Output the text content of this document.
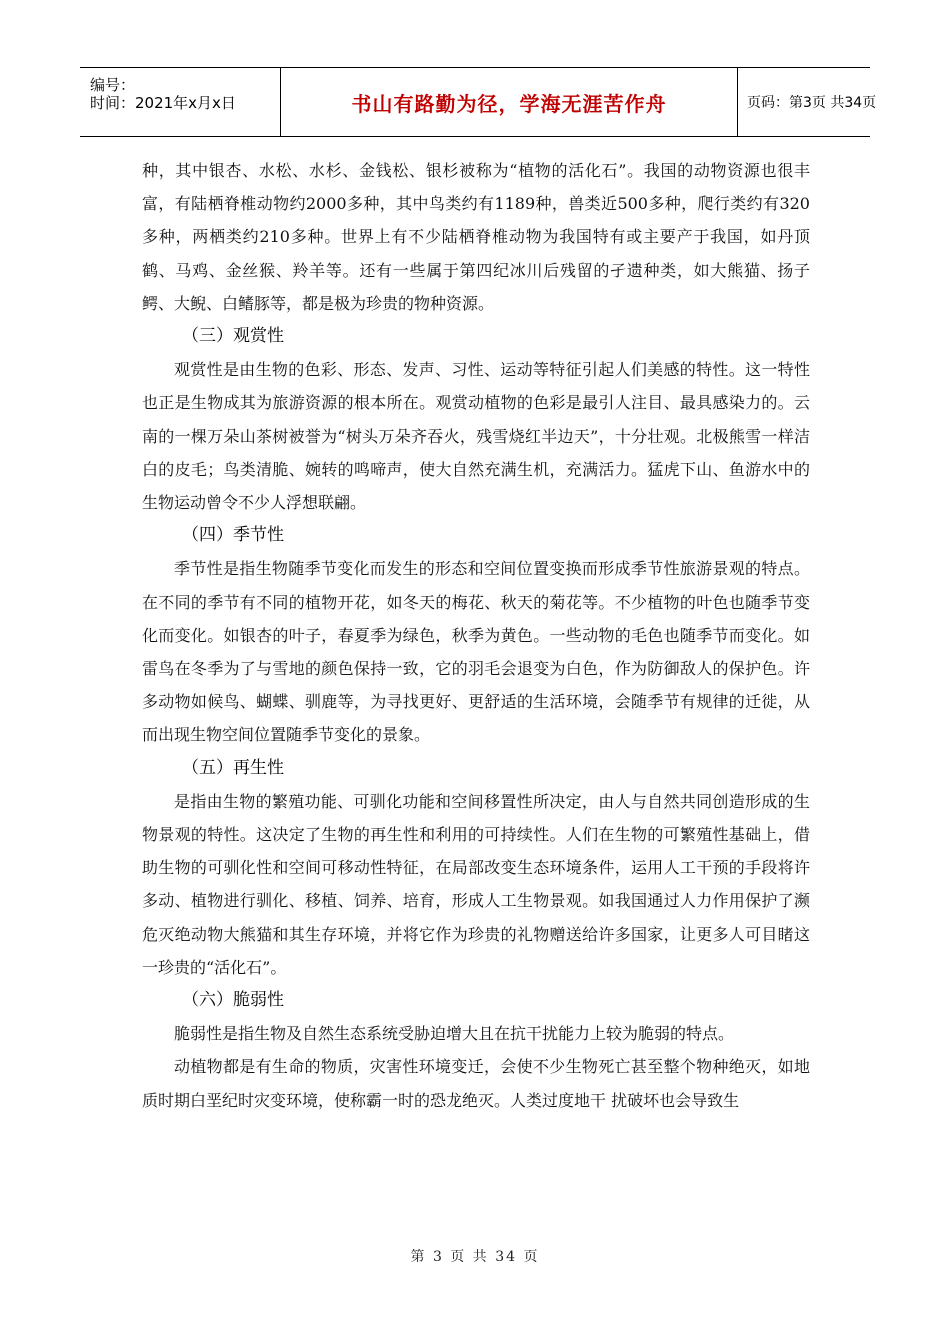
编号：
时间：2021年x月x日	书山有路勤为径，学海无涯苦作舟	页码：第3页 共34页

种，其中银杏、水松、水杉、金钱松、银杉被称为“植物的活化石”。我国的动物资源也很丰富，有陆栖脊椎动物约2000多种，其中鸟类约有1189种，兽类近500多种，爬行类约有320多种，两栖类约210多种。世界上有不少陆栖脊椎动物为我国特有或主要产于我国，如丹顶鹤、马鸡、金丝猴、羚羊等。还有一些属于第四纪冰川后残留的孑遗种类，如大熊猫、扬子鳄、大鲵、白鳍豚等，都是极为珍贵的物种资源。

（三）观赏性

观赏性是由生物的色彩、形态、发声、习性、运动等特征引起人们美感的特性。这一特性也正是生物成其为旅游资源的根本所在。观赏动植物的色彩是最引人注目、最具感染力的。云南的一棵万朵山茶树被誉为“树头万朵齐吞火，残雪烧红半边天”，十分壮观。北极熊雪一样洁白的皮毛；鸟类清脆、婉转的鸣啼声，使大自然充满生机，充满活力。猛虎下山、鱼游水中的生物运动曾令不少人浮想联翩。

（四）季节性

季节性是指生物随季节变化而发生的形态和空间位置变换而形成季节性旅游景观的特点。在不同的季节有不同的植物开花，如冬天的梅花、秋天的菊花等。不少植物的叶色也随季节变化而变化。如银杏的叶子，春夏季为绿色，秋季为黄色。一些动物的毛色也随季节而变化。如雷鸟在冬季为了与雪地的颜色保持一致，它的羽毛会退变为白色，作为防御敌人的保护色。许多动物如候鸟、蝴蝶、驯鹿等，为寻找更好、更舒适的生活环境，会随季节有规律的迁徙，从而出现生物空间位置随季节变化的景象。

（五）再生性

是指由生物的繁殖功能、可驯化功能和空间移置性所决定，由人与自然共同创造形成的生物景观的特性。这决定了生物的再生性和利用的可持续性。人们在生物的可繁殖性基础上，借助生物的可驯化性和空间可移动性特征，在局部改变生态环境条件，运用人工干预的手段将许多动、植物进行驯化、移植、饲养、培育，形成人工生物景观。如我国通过人力作用保护了濒危灭绝动物大熊猫和其生存环境，并将它作为珍贵的礼物赠送给许多国家，让更多人可目睹这一珍贵的“活化石”。

（六）脆弱性

脆弱性是指生物及自然生态系统受胁迫增大且在抗干扰能力上较为脆弱的特点。

动植物都是有生命的物质，灾害性环境变迁，会使不少生物死亡甚至整个物种绝灭，如地质时期白垩纪时灾变环境，使称霸一时的恐龙绝灭。人类过度地干 扰破坏也会导致生

第 3 页 共 34 页
